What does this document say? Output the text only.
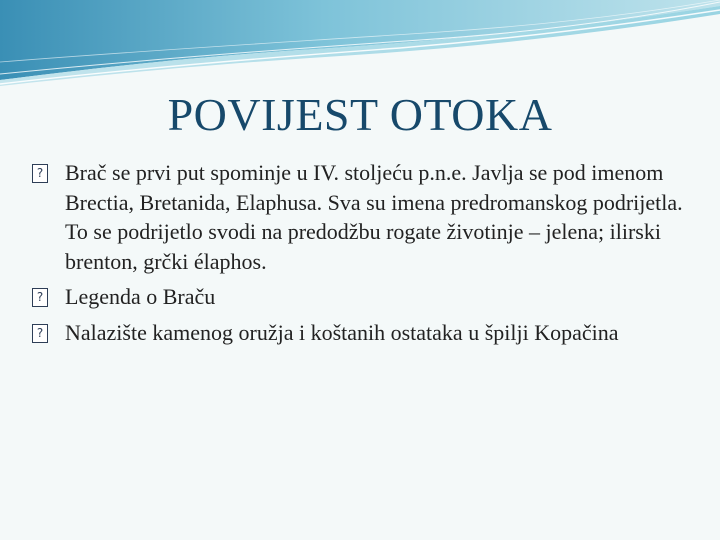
POVIJEST OTOKA
? Brač se prvi put spominje u IV. stoljeću p.n.e. Javlja se pod imenom Brectia, Bretanida, Elaphusa. Sva su imena predromanskog podrijetla. To se podrijetlo svodi na predodžbu rogate životinje – jelena; ilirski brenton, grčki élaphos.
? Legenda o Braču
? Nalazište kamenog oružja i koštanih ostataka u špilji Kopačina
